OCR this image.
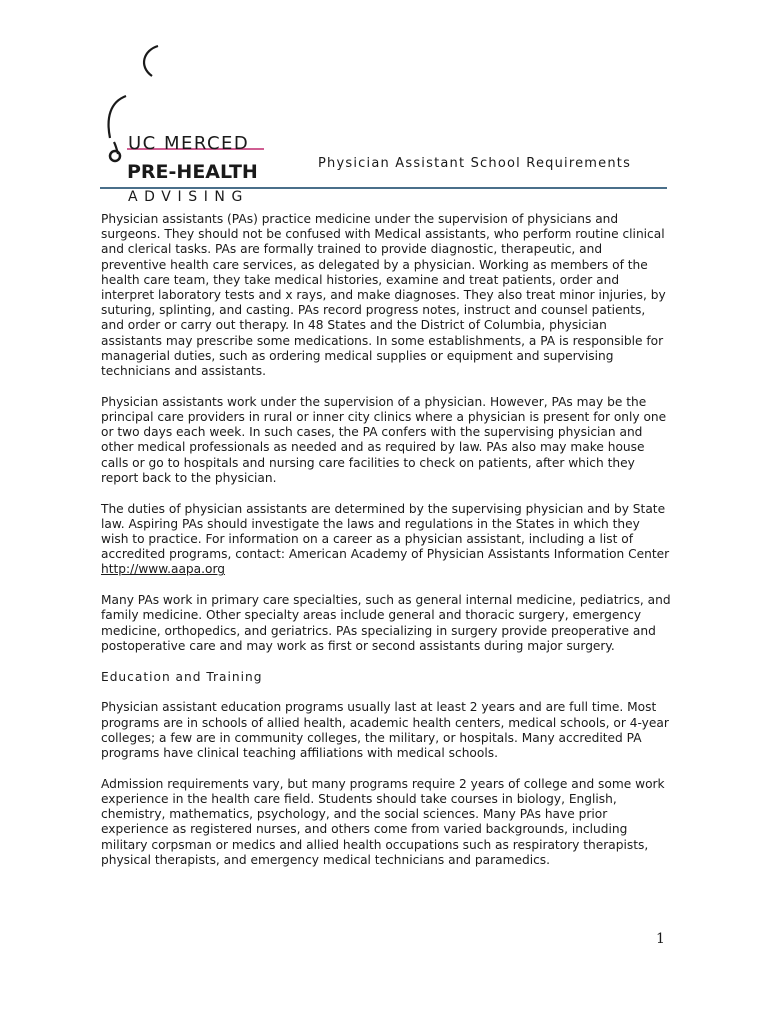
UC MERCED
PRE-HEALTH
ADVISING
Physician Assistant School Requirements

Physician assistants (PAs) practice medicine under the supervision of physicians and surgeons. They should not be confused with Medical assistants, who perform routine clinical and clerical tasks. PAs are formally trained to provide diagnostic, therapeutic, and preventive health care services, as delegated by a physician. Working as members of the health care team, they take medical histories, examine and treat patients, order and interpret laboratory tests and x rays, and make diagnoses. They also treat minor injuries, by suturing, splinting, and casting. PAs record progress notes, instruct and counsel patients, and order or carry out therapy. In 48 States and the District of Columbia, physician assistants may prescribe some medications. In some establishments, a PA is responsible for managerial duties, such as ordering medical supplies or equipment and supervising technicians and assistants.

Physician assistants work under the supervision of a physician. However, PAs may be the principal care providers in rural or inner city clinics where a physician is present for only one or two days each week. In such cases, the PA confers with the supervising physician and other medical professionals as needed and as required by law. PAs also may make house calls or go to hospitals and nursing care facilities to check on patients, after which they report back to the physician.

The duties of physician assistants are determined by the supervising physician and by State law. Aspiring PAs should investigate the laws and regulations in the States in which they wish to practice. For information on a career as a physician assistant, including a list of accredited programs, contact: American Academy of Physician Assistants Information Center http://www.aapa.org

Many PAs work in primary care specialties, such as general internal medicine, pediatrics, and family medicine. Other specialty areas include general and thoracic surgery, emergency medicine, orthopedics, and geriatrics. PAs specializing in surgery provide preoperative and postoperative care and may work as first or second assistants during major surgery.

Education and Training

Physician assistant education programs usually last at least 2 years and are full time. Most programs are in schools of allied health, academic health centers, medical schools, or 4-year colleges; a few are in community colleges, the military, or hospitals. Many accredited PA programs have clinical teaching affiliations with medical schools.

Admission requirements vary, but many programs require 2 years of college and some work experience in the health care field. Students should take courses in biology, English, chemistry, mathematics, psychology, and the social sciences. Many PAs have prior experience as registered nurses, and others come from varied backgrounds, including military corpsman or medics and allied health occupations such as respiratory therapists, physical therapists, and emergency medical technicians and paramedics.

1
